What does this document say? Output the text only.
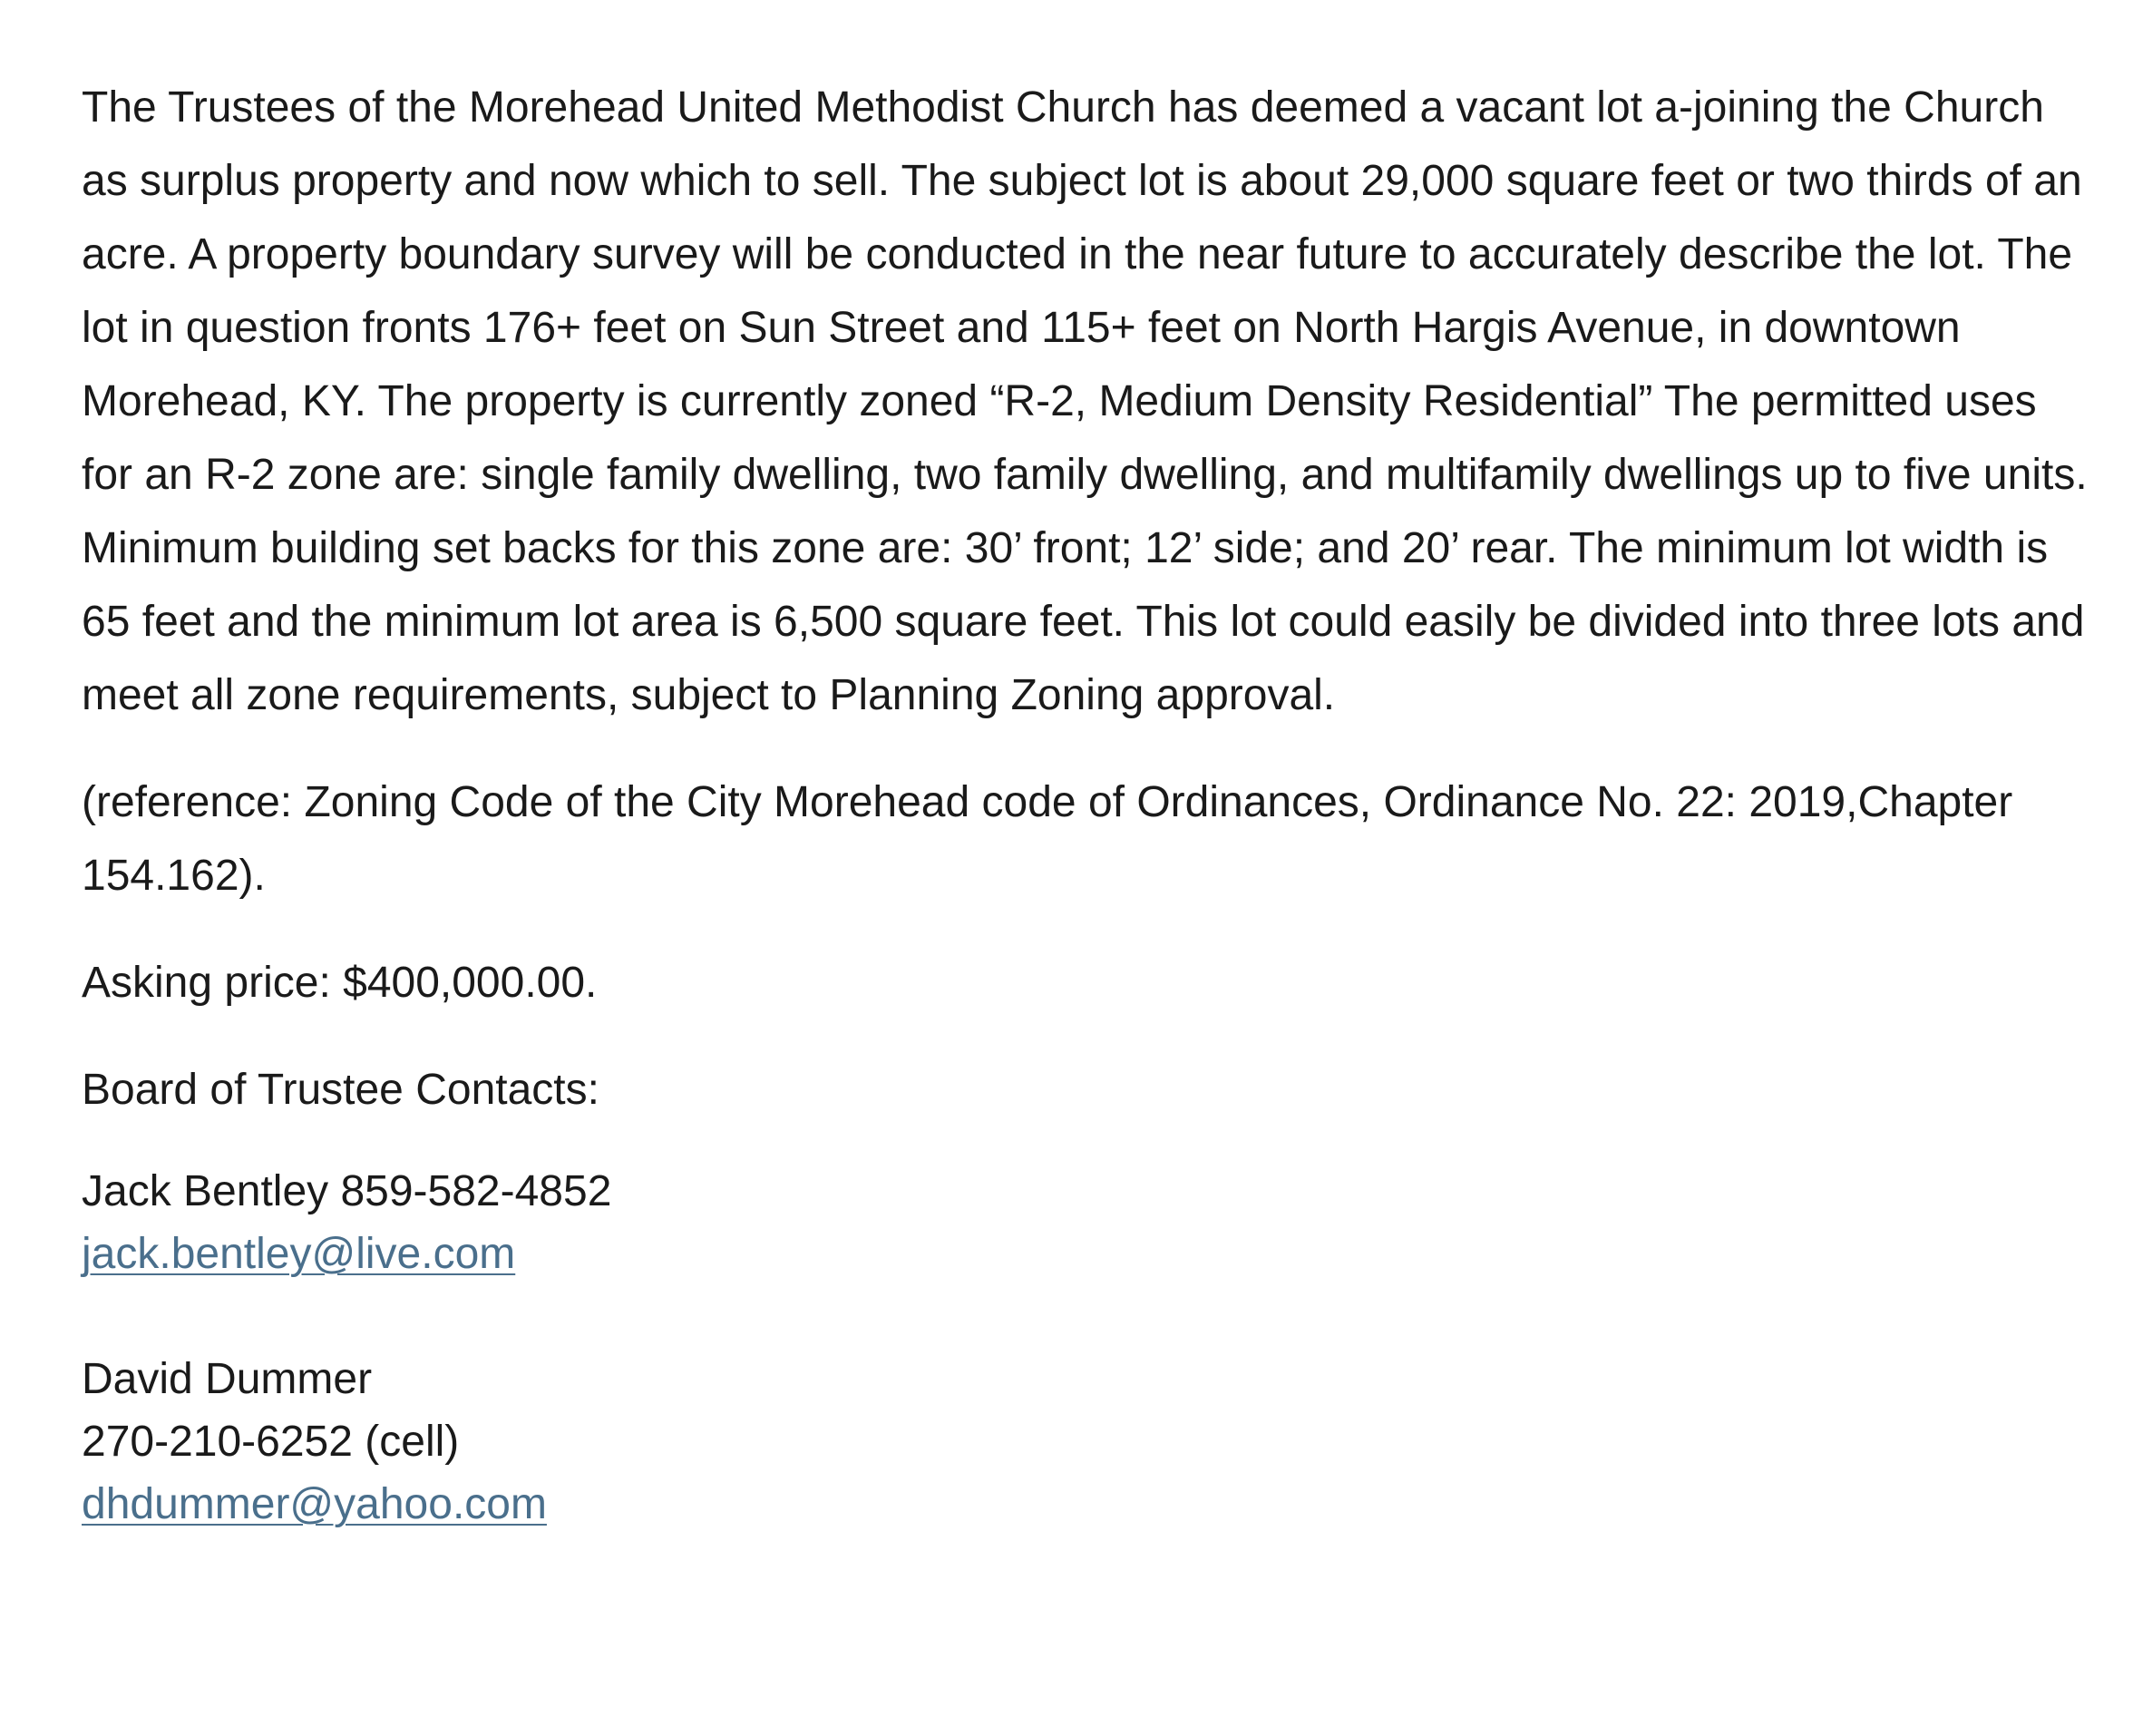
The Trustees of the Morehead United Methodist Church has deemed a vacant lot a-joining the Church as surplus property and now which to sell. The subject lot is about 29,000 square feet or two thirds of an acre. A property boundary survey will be conducted in the near future to accurately describe the lot. The lot in question fronts 176+ feet on Sun Street and 115+ feet on North Hargis Avenue, in downtown Morehead, KY. The property is currently zoned “R-2, Medium Density Residential” The permitted uses for an R-2 zone are: single family dwelling, two family dwelling, and multifamily dwellings up to five units. Minimum building set backs for this zone are: 30’ front; 12’ side; and 20’ rear. The minimum lot width is 65 feet and the minimum lot area is 6,500 square feet. This lot could easily be divided into three lots and meet all zone requirements, subject to Planning Zoning approval.

(reference: Zoning Code of the City Morehead code of Ordinances, Ordinance No. 22: 2019,Chapter 154.162).

Asking price: $400,000.00.

Board of Trustee Contacts:

Jack Bentley 859-582-4852
jack.bentley@live.com
David Dummer
270-210-6252 (cell)
dhdummer@yahoo.com
